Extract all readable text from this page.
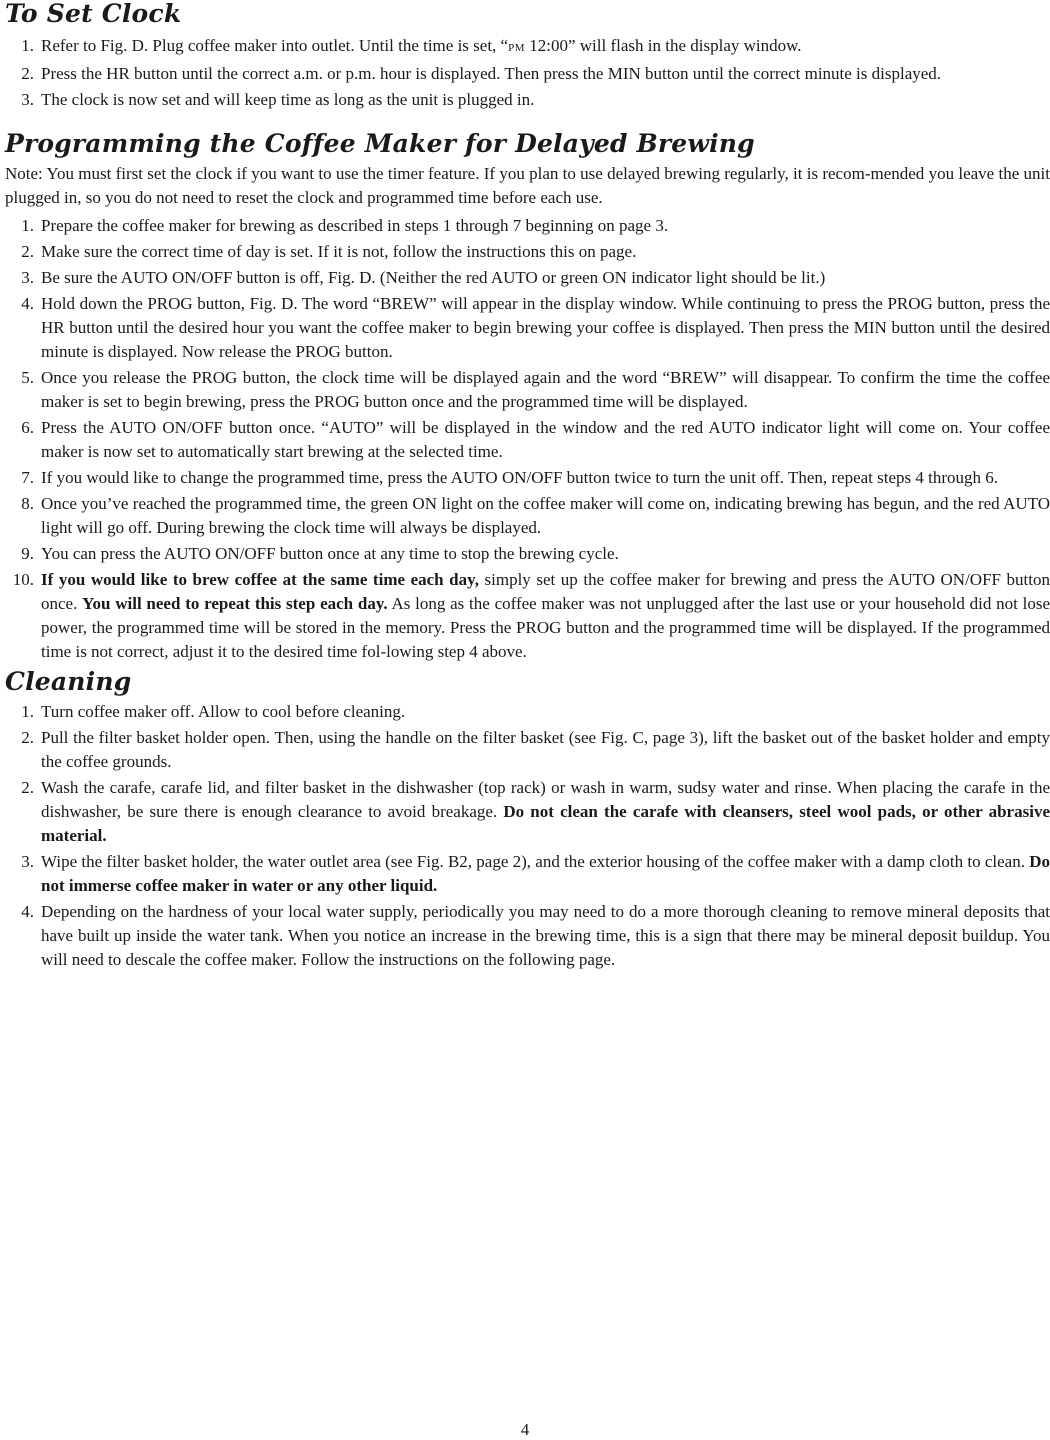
To Set Clock
1. Refer to Fig. D. Plug coffee maker into outlet. Until the time is set, “PM 12:00” will flash in the display window.
2. Press the HR button until the correct a.m. or p.m. hour is displayed. Then press the MIN button until the correct minute is displayed.
3. The clock is now set and will keep time as long as the unit is plugged in.
Programming the Coffee Maker for Delayed Brewing

Note: You must first set the clock if you want to use the timer feature. If you plan to use delayed brewing regularly, it is recom-mended you leave the unit plugged in, so you do not need to reset the clock and programmed time before each use.

1. Prepare the coffee maker for brewing as described in steps 1 through 7 beginning on page 3.
2. Make sure the correct time of day is set. If it is not, follow the instructions this on page.
3. Be sure the AUTO ON/OFF button is off, Fig. D. (Neither the red AUTO or green ON indicator light should be lit.)
4. Hold down the PROG button, Fig. D. The word “BREW” will appear in the display window. While continuing to press the PROG button, press the HR button until the desired hour you want the coffee maker to begin brewing your coffee is displayed. Then press the MIN button until the desired minute is displayed. Now release the PROG button.
5. Once you release the PROG button, the clock time will be displayed again and the word “BREW” will disappear. To confirm the time the coffee maker is set to begin brewing, press the PROG button once and the programmed time will be displayed.
6. Press the AUTO ON/OFF button once. “AUTO” will be displayed in the window and the red AUTO indicator light will come on. Your coffee maker is now set to automatically start brewing at the selected time.
7. If you would like to change the programmed time, press the AUTO ON/OFF button twice to turn the unit off. Then, repeat steps 4 through 6.
8. Once you’ve reached the programmed time, the green ON light on the coffee maker will come on, indicating brewing has begun, and the red AUTO light will go off. During brewing the clock time will always be displayed.
9. You can press the AUTO ON/OFF button once at any time to stop the brewing cycle.
10. If you would like to brew coffee at the same time each day, simply set up the coffee maker for brewing and press the AUTO ON/OFF button once. You will need to repeat this step each day. As long as the coffee maker was not unplugged after the last use or your household did not lose power, the programmed time will be stored in the memory. Press the PROG button and the programmed time will be displayed. If the programmed time is not correct, adjust it to the desired time fol-lowing step 4 above.
Cleaning
1. Turn coffee maker off. Allow to cool before cleaning.
2. Pull the filter basket holder open. Then, using the handle on the filter basket (see Fig. C, page 3), lift the basket out of the basket holder and empty the coffee grounds.
2. Wash the carafe, carafe lid, and filter basket in the dishwasher (top rack) or wash in warm, sudsy water and rinse. When placing the carafe in the dishwasher, be sure there is enough clearance to avoid breakage. Do not clean the carafe with cleansers, steel wool pads, or other abrasive material.
3. Wipe the filter basket holder, the water outlet area (see Fig. B2, page 2), and the exterior housing of the coffee maker with a damp cloth to clean. Do not immerse coffee maker in water or any other liquid.
4. Depending on the hardness of your local water supply, periodically you may need to do a more thorough cleaning to remove mineral deposits that have built up inside the water tank. When you notice an increase in the brewing time, this is a sign that there may be mineral deposit buildup. You will need to descale the coffee maker. Follow the instructions on the following page.
4
